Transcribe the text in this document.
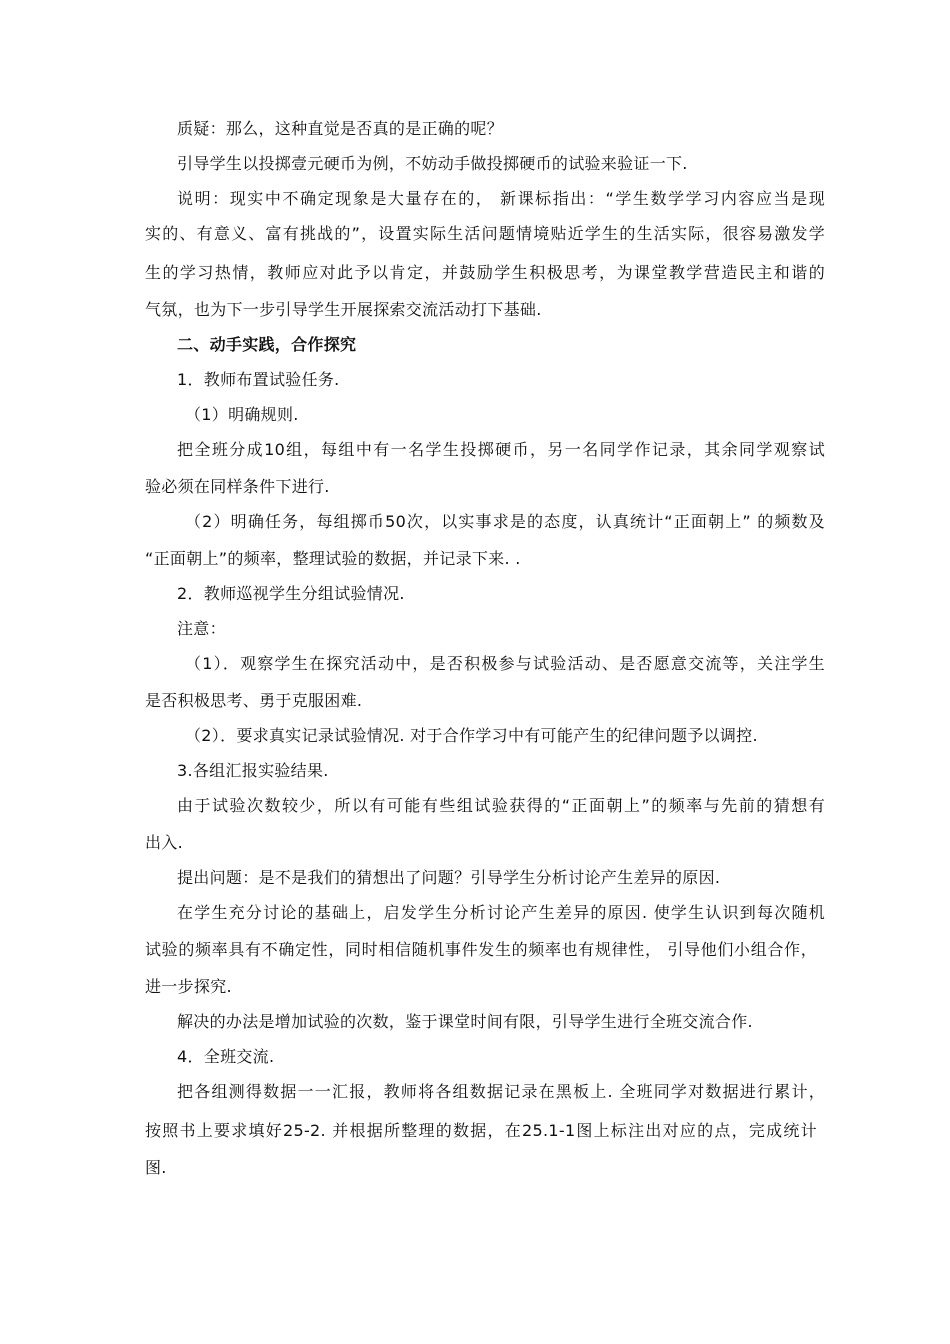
质疑：那么，这种直觉是否真的是正确的呢？
引导学生以投掷壹元硬币为例，不妨动手做投掷硬币的试验来验证一下.
说明：现实中不确定现象是大量存在的， 新课标指出：“学生数学学习内容应当是现
实的、有意义、富有挑战的”，设置实际生活问题情境贴近学生的生活实际，很容易激发学
生的学习热情，教师应对此予以肯定，并鼓励学生积极思考，为课堂教学营造民主和谐的
气氛，也为下一步引导学生开展探索交流活动打下基础.
二、动手实践，合作探究
1．教师布置试验任务.
（1）明确规则.
把全班分成10组，每组中有一名学生投掷硬币，另一名同学作记录，其余同学观察试
验必须在同样条件下进行.
（2）明确任务，每组掷币50次，以实事求是的态度，认真统计“正面朝上” 的频数及
“正面朝上”的频率，整理试验的数据，并记录下来. .
2．教师巡视学生分组试验情况.
注意：
（1）．观察学生在探究活动中，是否积极参与试验活动、是否愿意交流等，关注学生
是否积极思考、勇于克服困难.
（2）．要求真实记录试验情况. 对于合作学习中有可能产生的纪律问题予以调控.
3.各组汇报实验结果.
由于试验次数较少，所以有可能有些组试验获得的“正面朝上”的频率与先前的猜想有
出入.
提出问题：是不是我们的猜想出了问题？引导学生分析讨论产生差异的原因.
在学生充分讨论的基础上，启发学生分析讨论产生差异的原因. 使学生认识到每次随机
试验的频率具有不确定性，同时相信随机事件发生的频率也有规律性， 引导他们小组合作，
进一步探究.
解决的办法是增加试验的次数，鉴于课堂时间有限，引导学生进行全班交流合作.
4．全班交流.
把各组测得数据一一汇报，教师将各组数据记录在黑板上. 全班同学对数据进行累计，
按照书上要求填好25-2. 并根据所整理的数据，在25.1-1图上标注出对应的点，完成统计
图.
